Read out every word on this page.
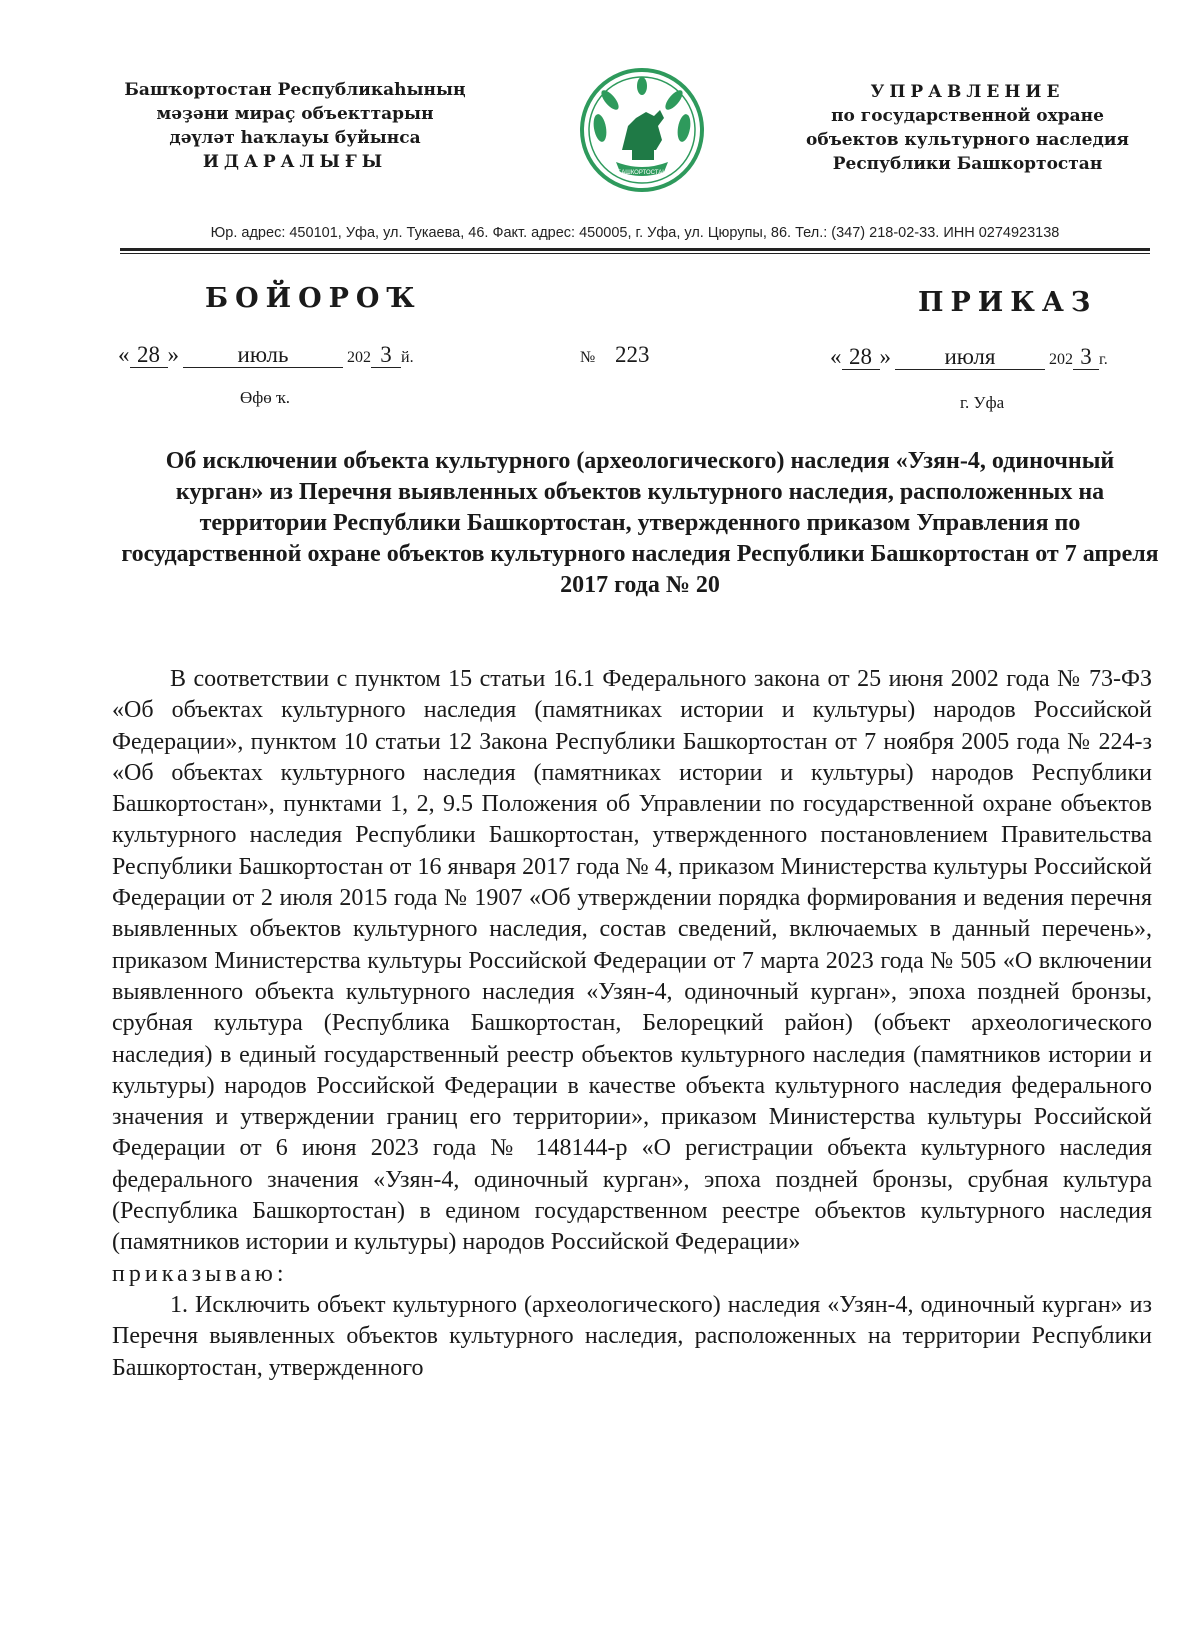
Башҡортостан Республикаһының
мәҙәни мираҫ объекттарын
дәүләт һаҡлауы буйынса
ИДАРАЛЫҒЫ
БАШКОРТОСТАН
УПРАВЛЕНИЕ
по государственной охране
объектов культурного наследия
Республики Башкортостан
Юр. адрес: 450101, Уфа, ул. Тукаева, 46. Факт. адрес: 450005, г. Уфа, ул. Цюрупы, 86. Тел.: (347) 218-02-33. ИНН 0274923138
БОЙОРОҠ	ПРИКАЗ
« 28 »	июль	202 3 й.
Өфө ҡ.
№ 223	« 28 » июля	202 3 г.
г. Уфа
Об исключении объекта культурного (археологического) наследия «Узян-4, одиночный курган» из Перечня выявленных объектов культурного наследия, расположенных на территории Республики Башкортостан, утвержденного приказом Управления по государственной охране объектов культурного наследия Республики Башкортостан от 7 апреля 2017 года № 20

В соответствии с пунктом 15 статьи 16.1 Федерального закона от 25 июня 2002 года № 73-ФЗ «Об объектах культурного наследия (памятниках истории и культуры) народов Российской Федерации», пунктом 10 статьи 12 Закона Республики Башкортостан от 7 ноября 2005 года № 224-з «Об объектах культурного наследия (памятниках истории и культуры) народов Республики Башкортостан», пунктами 1, 2, 9.5 Положения об Управлении по государственной охране объектов культурного наследия Республики Башкортостан, утвержденного постановлением Правительства Республики Башкортостан от 16 января 2017 года № 4, приказом Министерства культуры Российской Федерации от 2 июля 2015 года № 1907 «Об утверждении порядка формирования и ведения перечня выявленных объектов культурного наследия, состав сведений, включаемых в данный перечень», приказом Министерства культуры Российской Федерации от 7 марта 2023 года № 505 «О включении выявленного объекта культурного наследия «Узян-4, одиночный курган», эпоха поздней бронзы, срубная культура (Республика Башкортостан, Белорецкий район) (объект археологического наследия) в единый государственный реестр объектов культурного наследия (памятников истории и культуры) народов Российской Федерации в качестве объекта культурного наследия федерального значения и утверждении границ его территории», приказом Министерства культуры Российской Федерации от 6 июня 2023 года № 148144-р «О регистрации объекта культурного наследия федерального значения «Узян-4, одиночный курган», эпоха поздней бронзы, срубная культура (Республика Башкортостан) в едином государственном реестре объектов культурного наследия (памятников истории и культуры) народов Российской Федерации»

приказываю:

1. Исключить объект культурного (археологического) наследия «Узян-4, одиночный курган» из Перечня выявленных объектов культурного наследия, расположенных на территории Республики Башкортостан, утвержденного
